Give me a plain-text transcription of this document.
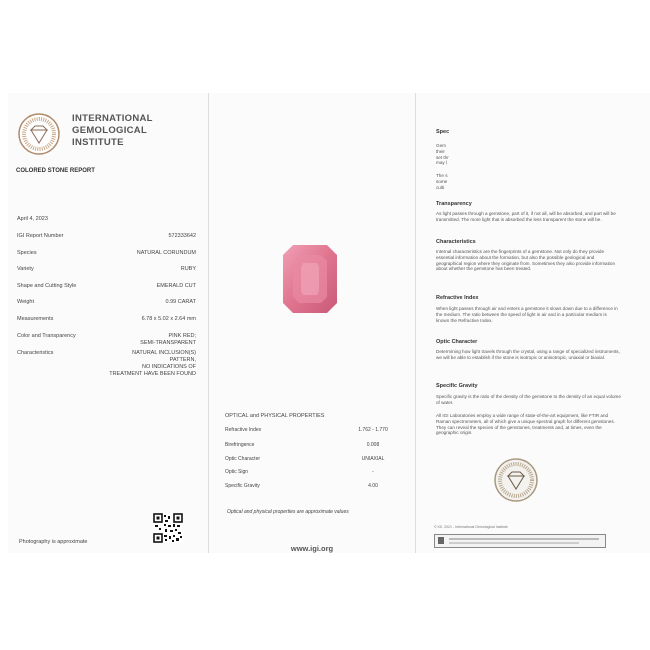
INTERNATIONAL
GEMOLOGICAL
INSTITUTE
COLORED STONE REPORT
April 4, 2023
IGI Report Number	572333642
Species	NATURAL CORUNDUM
Variety	RUBY
Shape and Cutting Style	EMERALD CUT
Weight	0.99 CARAT
Measurements	6.78 x 5.02 x 2.64 mm
Color and Transparency	PINK RED;
SEMI-TRANSPARENT
Characteristics	NATURAL INCLUSION(S)
PATTERN,
NO INDICATIONS OF
TREATMENT HAVE BEEN FOUND
Photography is approximate
OPTICAL and PHYSICAL PROPERTIES
Refractive Index	1.762 - 1.770
Birefringence	0.008
Optic Character	UNIAXIAL
Optic Sign	-
Specific Gravity	4.00
Optical and physical properties are approximate values
www.igi.org
Spec
Gem
their
set thr
may l
The s
some
culti
Transparency
As light passes through a gemstone, part of it, if not all, will be absorbed, and part will be transmitted. The more light that is absorbed the less transparent the stone will be.
Characteristics
Internal characteristics are the fingerprints of a gemstone. Not only do they provide essential information about the formation, but also the possible geological and geographical region where they originate from. Sometimes they also provide information about whether the gemstone has been treated.
Refractive Index
When light passes through air and enters a gemstone it slows down due to a difference in the medium. The ratio between the speed of light in air and in a particular medium is known the Refractive Index.
Optic Character
Determining how light travels through the crystal, using a range of specialized instruments, we will be able to establish if the stone is isotropic or anisotropic, uniaxial or biaxial.
Specific Gravity
Specific gravity is the ratio of the density of the gemstone to the density of an equal volume of water.
All IGI Laboratories employ a wide range of state-of-the-art equipment, like FTIR and Raman spectrometers, all of which give a unique spectral graph for different gemstones. They can reveal the species of the gemstones, treatments and, at times, even the geographic origin.
© IGI, 2021 - International Gemological Institute
